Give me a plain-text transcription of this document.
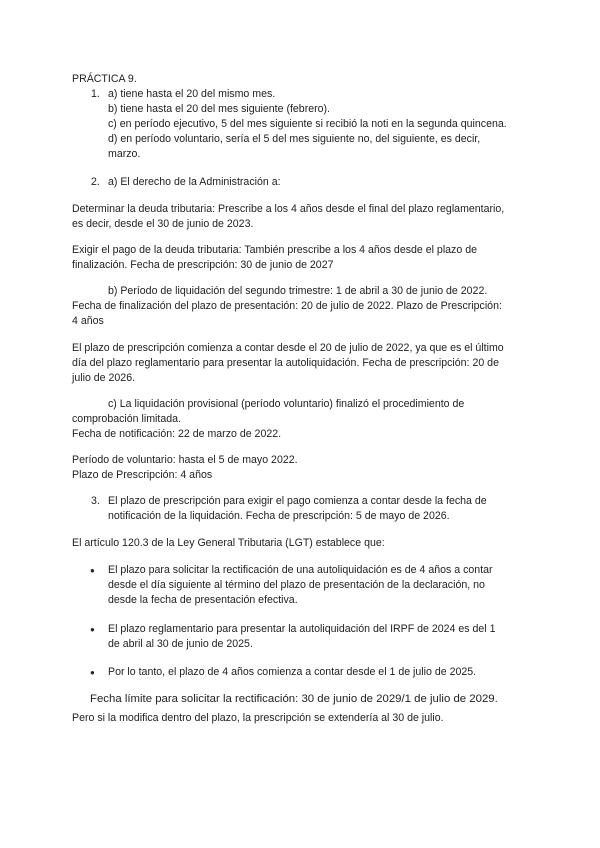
PRÁCTICA 9.
1. a) tiene hasta el 20 del mismo mes.
b) tiene hasta el 20 del mes siguiente (febrero).
c) en período ejecutivo, 5 del mes siguiente si recibió la noti en la segunda quincena.
d) en período voluntario, sería el 5 del mes siguiente no, del siguiente, es decir,
marzo.
2. a) El derecho de la Administración a:
Determinar la deuda tributaria: Prescribe a los 4 años desde el final del plazo reglamentario,
es decir, desde el 30 de junio de 2023.
Exigir el pago de la deuda tributaria: También prescribe a los 4 años desde el plazo de
finalización. Fecha de prescripción: 30 de junio de 2027
b) Período de liquidación del segundo trimestre: 1 de abril a 30 de junio de 2022.
Fecha de finalización del plazo de presentación: 20 de julio de 2022. Plazo de Prescripción:
4 años
El plazo de prescripción comienza a contar desde el 20 de julio de 2022, ya que es el último
día del plazo reglamentario para presentar la autoliquidación. Fecha de prescripción: 20 de
julio de 2026.
c) La liquidación provisional (período voluntario) finalizó el procedimiento de
comprobación limitada.
Fecha de notificación: 22 de marzo de 2022.
Período de voluntario: hasta el 5 de mayo 2022.
Plazo de Prescripción: 4 años
3. El plazo de prescripción para exigir el pago comienza a contar desde la fecha de
notificación de la liquidación. Fecha de prescripción: 5 de mayo de 2026.
El artículo 120.3 de la Ley General Tributaria (LGT) establece que:
● El plazo para solicitar la rectificación de una autoliquidación es de 4 años a contar
desde el día siguiente al término del plazo de presentación de la declaración, no
desde la fecha de presentación efectiva.
● El plazo reglamentario para presentar la autoliquidación del IRPF de 2024 es del 1
de abril al 30 de junio de 2025.
● Por lo tanto, el plazo de 4 años comienza a contar desde el 1 de julio de 2025.
Fecha límite para solicitar la rectificación: 30 de junio de 2029/1 de julio de 2029.
Pero si la modifica dentro del plazo, la prescripción se extendería al 30 de julio.
